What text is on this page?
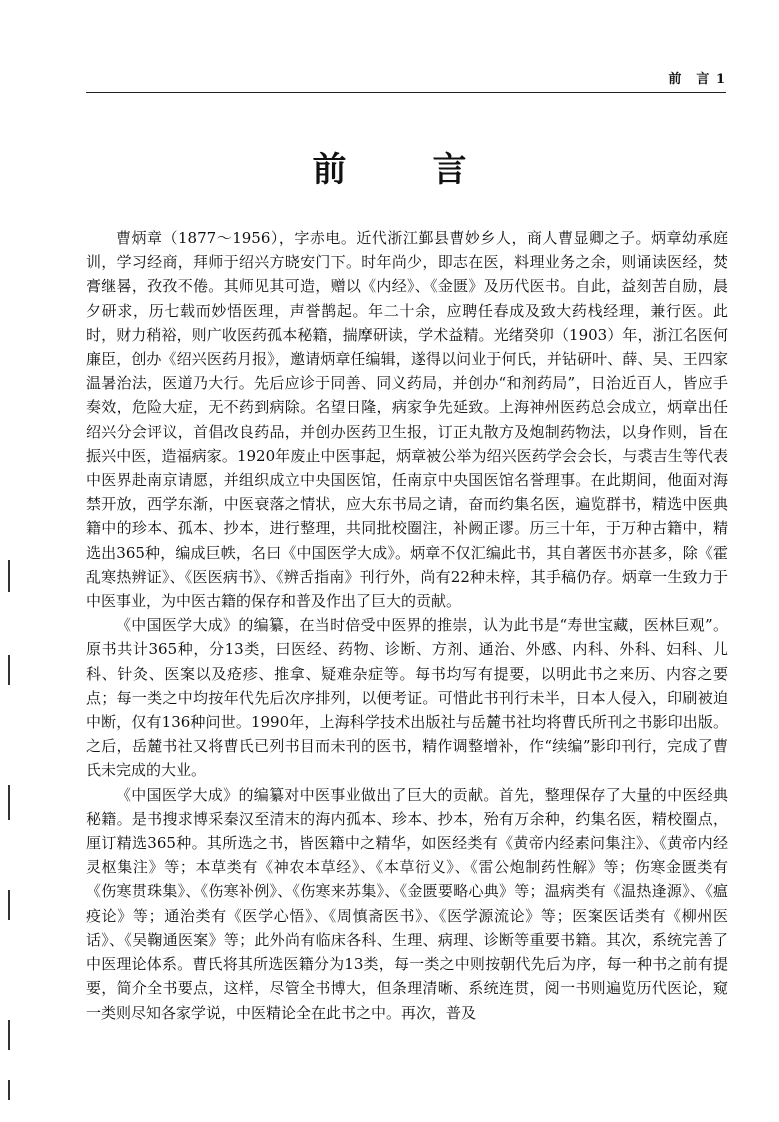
前 言 1
前　言

曹炳章（1877～1956），字赤电。近代浙江鄞县曹妙乡人，商人曹显卿之子。炳章幼承庭训，学习经商，拜师于绍兴方晓安门下。时年尚少，即志在医，料理业务之余，则诵读医经，焚膏继晷，孜孜不倦。其师见其可造，赠以《内经》、《金匮》及历代医书。自此，益刻苦自励，晨夕研求，历七载而妙悟医理，声誉鹊起。年二十余，应聘任春成及致大药栈经理，兼行医。此时，财力稍裕，则广收医药孤本秘籍，揣摩研读，学术益精。光绪癸卯（1903）年，浙江名医何廉臣，创办《绍兴医药月报》，邀请炳章任编辑，遂得以问业于何氏，并钻研叶、薛、吴、王四家温暑治法，医道乃大行。先后应诊于同善、同义药局，并创办“和剂药局”，日治近百人，皆应手奏效，危险大症，无不药到病除。名望日隆，病家争先延致。上海神州医药总会成立，炳章出任绍兴分会评议，首倡改良药品，并创办医药卫生报，订正丸散方及炮制药物法，以身作则，旨在振兴中医，造福病家。1920年废止中医事起，炳章被公举为绍兴医药学会会长，与裘吉生等代表中医界赴南京请愿，并组织成立中央国医馆，任南京中央国医馆名誉理事。在此期间，他面对海禁开放，西学东渐，中医衰落之情状，应大东书局之请，奋而约集名医，遍览群书，精选中医典籍中的珍本、孤本、抄本，进行整理，共同批校圈注，补阙正谬。历三十年，于万种古籍中，精选出365种，编成巨帙，名曰《中国医学大成》。炳章不仅汇编此书，其自著医书亦甚多，除《霍乱寒热辨证》、《医医病书》、《辨舌指南》刊行外，尚有22种未梓，其手稿仍存。炳章一生致力于中医事业，为中医古籍的保存和普及作出了巨大的贡献。

《中国医学大成》的编纂，在当时倍受中医界的推崇，认为此书是“寿世宝藏，医林巨观”。原书共计365种，分13类，曰医经、药物、诊断、方剂、通治、外感、内科、外科、妇科、儿科、针灸、医案以及疮疹、推拿、疑难杂症等。每书均写有提要，以明此书之来历、内容之要点；每一类之中均按年代先后次序排列，以便考证。可惜此书刊行未半，日本人侵入，印刷被迫中断，仅有136种问世。1990年，上海科学技术出版社与岳麓书社均将曹氏所刊之书影印出版。之后，岳麓书社又将曹氏已列书目而未刊的医书，精作调整增补，作“续编”影印刊行，完成了曹氏未完成的大业。

《中国医学大成》的编纂对中医事业做出了巨大的贡献。首先，整理保存了大量的中医经典秘籍。是书搜求博采秦汉至清末的海内孤本、珍本、抄本，殆有万余种，约集名医，精校圈点，厘订精选365种。其所选之书，皆医籍中之精华，如医经类有《黄帝内经素问集注》、《黄帝内经灵枢集注》等；本草类有《神农本草经》、《本草衍义》、《雷公炮制药性解》等；伤寒金匮类有《伤寒贯珠集》、《伤寒补例》、《伤寒来苏集》、《金匮要略心典》等；温病类有《温热逢源》、《瘟疫论》等；通治类有《医学心悟》、《周慎斋医书》、《医学源流论》等；医案医话类有《柳州医话》、《吴鞠通医案》等；此外尚有临床各科、生理、病理、诊断等重要书籍。其次，系统完善了中医理论体系。曹氏将其所选医籍分为13类，每一类之中则按朝代先后为序，每一种书之前有提要，简介全书要点，这样，尽管全书博大，但条理清晰、系统连贯，阅一书则遍览历代医论，窥一类则尽知各家学说，中医精论全在此书之中。再次，普及
